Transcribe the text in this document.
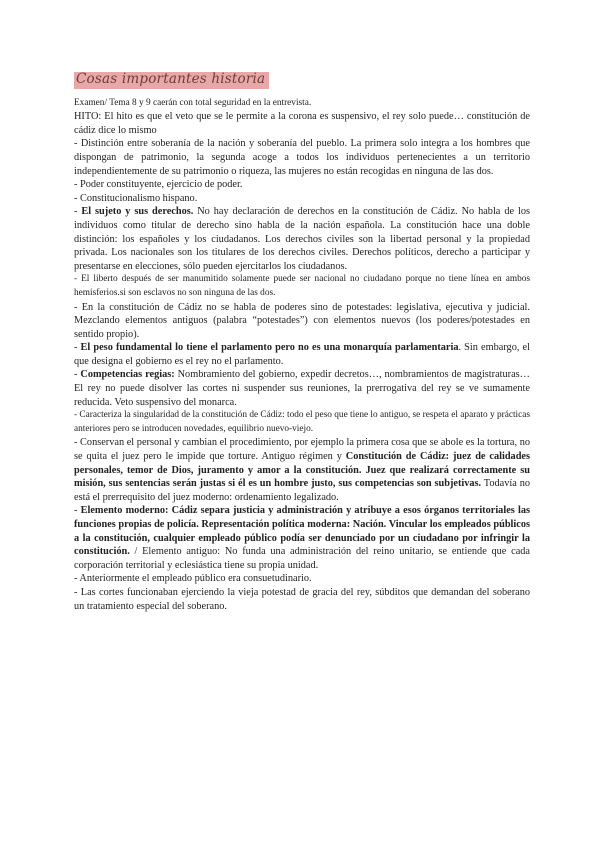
Cosas importantes historia

Examen/ Tema 8 y 9 caerán con total seguridad en la entrevista.

HITO: El hito es que el veto que se le permite a la corona es suspensivo, el rey solo puede… constitución de cádiz dice lo mismo

- Distinción entre soberanía de la nación y soberanía del pueblo. La primera solo integra a los hombres que dispongan de patrimonio, la segunda acoge a todos los individuos pertenecientes a un territorio independientemente de su patrimonio o riqueza, las mujeres no están recogidas en ninguna de las dos.

- Poder constituyente, ejercicio de poder.

- Constitucionalismo hispano.

- El sujeto y sus derechos. No hay declaración de derechos en la constitución de Cádiz. No habla de los individuos como titular de derecho sino habla de la nación española. La constitución hace una doble distinción: los españoles y los ciudadanos. Los derechos civiles son la libertad personal y la propiedad privada. Los nacionales son los titulares de los derechos civiles. Derechos políticos, derecho a participar y presentarse en elecciones, sólo pueden ejercitarlos los ciudadanos.

- El liberto después de ser manumitido solamente puede ser nacional no ciudadano porque no tiene línea en ambos hemisferios.si son esclavos no son ninguna de las dos.

- En la constitución de Cádiz no se habla de poderes sino de potestades: legislativa, ejecutiva y judicial. Mezclando elementos antiguos (palabra “potestades”) con elementos nuevos (los poderes/potestades en sentido propio).

- El peso fundamental lo tiene el parlamento pero no es una monarquía parlamentaria. Sin embargo, el que designa el gobierno es el rey no el parlamento.

- Competencias regias: Nombramiento del gobierno, expedir decretos…, nombramientos de magistraturas… El rey no puede disolver las cortes ni suspender sus reuniones, la prerrogativa del rey se ve sumamente reducida. Veto suspensivo del monarca.

- Caracteriza la singularidad de la constitución de Cádiz: todo el peso que tiene lo antiguo, se respeta el aparato y prácticas anteriores pero se introducen novedades, equilibrio nuevo-viejo.

- Conservan el personal y cambian el procedimiento, por ejemplo la primera cosa que se abole es la tortura, no se quita el juez pero le impide que torture. Antiguo régimen y Constitución de Cádiz: juez de calidades personales, temor de Dios, juramento y amor a la constitución. Juez que realizará correctamente su misión, sus sentencias serán justas si él es un hombre justo, sus competencias son subjetivas. Todavía no está el prerrequisito del juez moderno: ordenamiento legalizado.

- Elemento moderno: Cádiz separa justicia y administración y atribuye a esos órganos territoriales las funciones propias de policía. Representación política moderna: Nación. Vincular los empleados públicos a la constitución, cualquier empleado público podía ser denunciado por un ciudadano por infringir la constitución. / Elemento antiguo: No funda una administración del reino unitario, se entiende que cada corporación territorial y eclesiástica tiene su propia unidad.

- Anteriormente el empleado público era consuetudinario.

- Las cortes funcionaban ejerciendo la vieja potestad de gracia del rey, súbditos que demandan del soberano un tratamiento especial del soberano.
